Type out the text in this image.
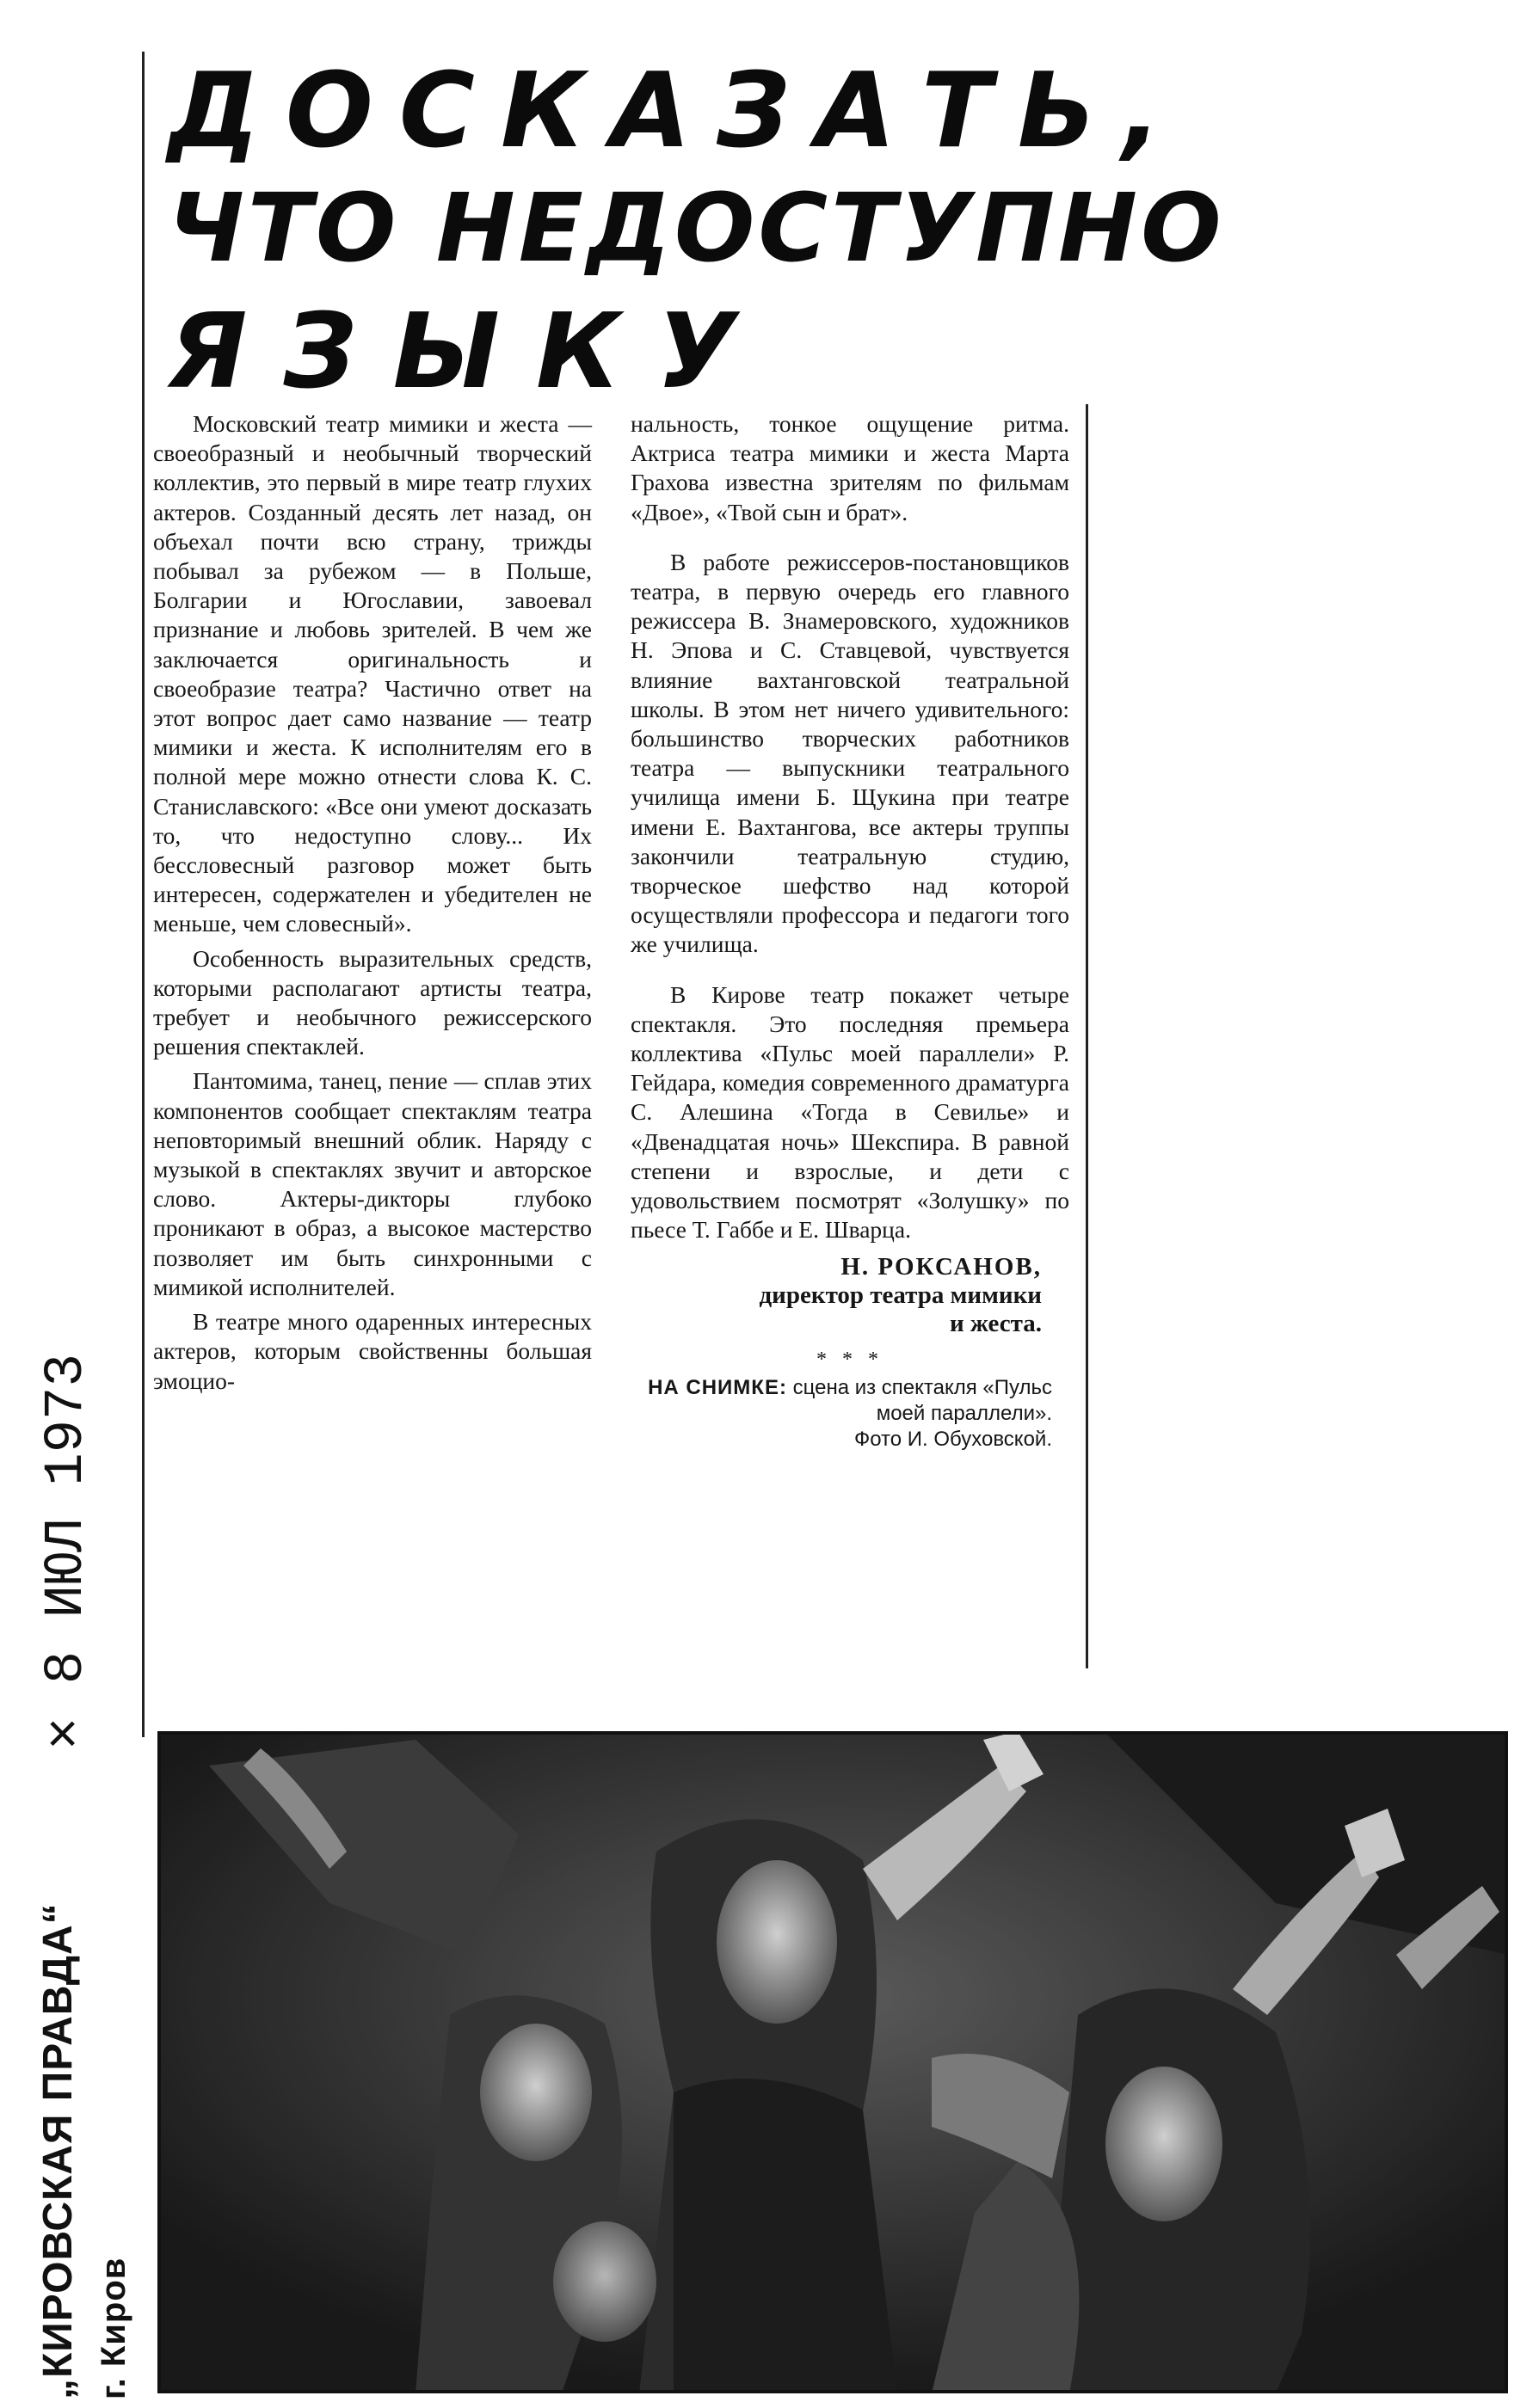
ДОСКАЗАТЬ,
ЧТО НЕДОСТУПНО
ЯЗЫКУ

Московский театр мимики и жеста — своеобразный и необычный творческий коллектив, это первый в мире театр глухих актеров. Созданный десять лет назад, он объехал почти всю страну, трижды побывал за рубежом — в Польше, Болгарии и Югославии, завоевал признание и любовь зрителей. В чем же заключается оригинальность и своеобразие театра? Частично ответ на этот вопрос дает само название — театр мимики и жеста. К исполнителям его в полной мере можно отнести слова К. С. Станиславского: «Все они умеют досказать то, что недоступно слову... Их бессловесный разговор может быть интересен, содержателен и убедителен не меньше, чем словесный».

Особенность выразительных средств, которыми располагают артисты театра, требует и необычного режиссерского решения спектаклей.

Пантомима, танец, пение — сплав этих компонентов сообщает спектаклям театра неповторимый внешний облик. Наряду с музыкой в спектаклях звучит и авторское слово. Актеры-дикторы глубоко проникают в образ, а высокое мастерство позволяет им быть синхронными с мимикой исполнителей.

В театре много одаренных интересных актеров, которым свойственны большая эмоцио-

нальность, тонкое ощущение ритма. Актриса театра мимики и жеста Марта Грахова известна зрителям по фильмам «Двое», «Твой сын и брат».

В работе режиссеров-постановщиков театра, в первую очередь его главного режиссера В. Знамеровского, художников Н. Эпова и С. Ставцевой, чувствуется влияние вахтанговской театральной школы. В этом нет ничего удивительного: большинство творческих работников театра — выпускники театрального училища имени Б. Щукина при театре имени Е. Вахтангова, все актеры труппы закончили театральную студию, творческое шефство над которой осуществляли профессора и педагоги того же училища.

В Кирове театр покажет четыре спектакля. Это последняя премьера коллектива «Пульс моей параллели» Р. Гейдара, комедия современного драматурга С. Алешина «Тогда в Севилье» и «Двенадцатая ночь» Шекспира. В равной степени и взрослые, и дети с удовольствием посмотрят «Золушку» по пьесе Т. Габбе и Е. Шварца.

Н. РОКСАНОВ,
директор театра мимики
и жеста.
* * *
НА СНИМКЕ: сцена из спектакля «Пульс моей параллели».
Фото И. Обуховской.
× 8 ИЮЛ 1973
„КИРОВСКАЯ ПРАВДА“ г. Киров
